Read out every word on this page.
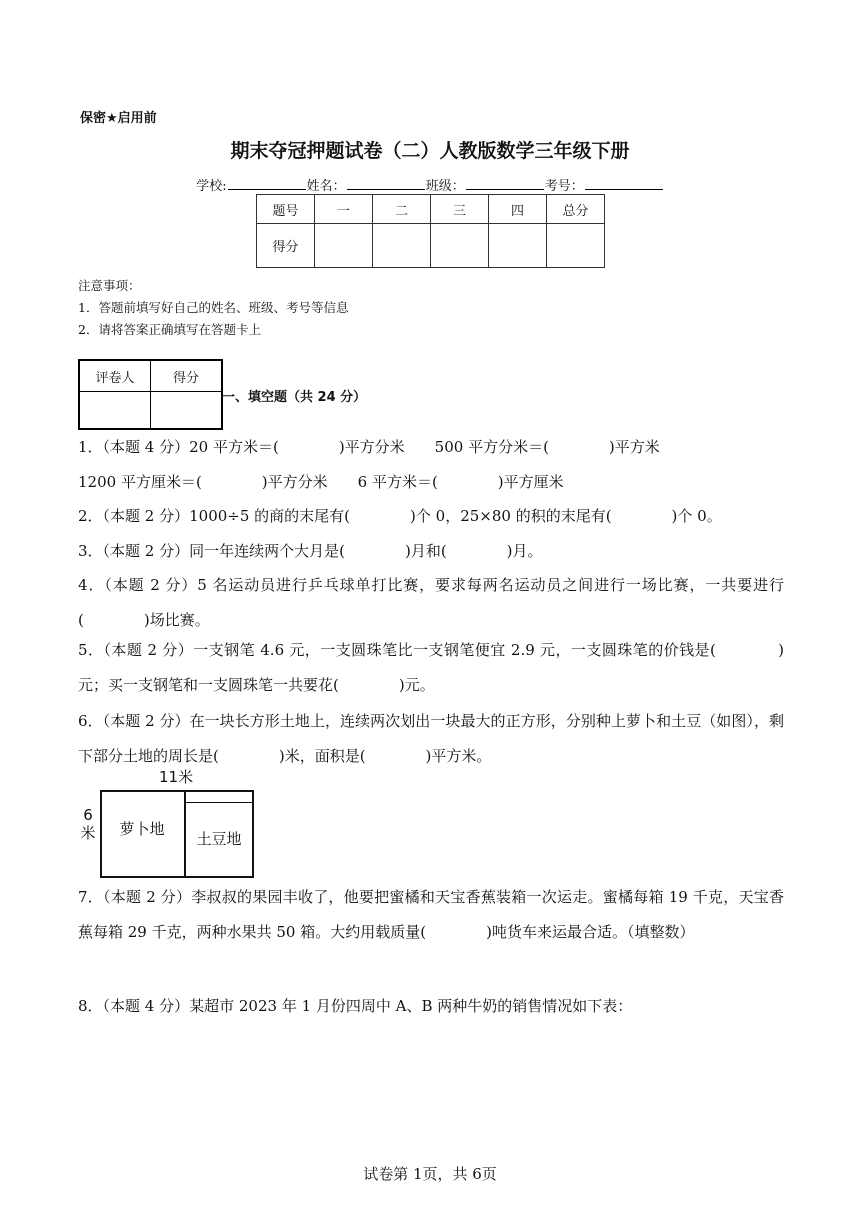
保密★启用前
期末夺冠押题试卷（二）人教版数学三年级下册
学校:	姓名：	班级：	考号：
题号	一	二	三	四	总分
得分					
注意事项：
1．答题前填写好自己的姓名、班级、考号等信息
2．请将答案正确填写在答题卡上
评卷人	得分

一、填空题（共 24 分）
1．（本题 4 分）20 平方米＝(　　　　)平方分米　　500 平方分米＝(　　　　)平方米
1200 平方厘米＝(　　　　)平方分米　　6 平方米＝(　　　　)平方厘米
2．（本题 2 分）1000÷5 的商的末尾有(　　　　)个 0，25×80 的积的末尾有(　　　　)个 0。
3．（本题 2 分）同一年连续两个大月是(　　　　)月和(　　　　)月。
4．（本题 2 分）5 名运动员进行乒乓球单打比赛，要求每两名运动员之间进行一场比赛，一共要进行(　　　　)场比赛。
5．（本题 2 分）一支钢笔 4.6 元，一支圆珠笔比一支钢笔便宜 2.9 元，一支圆珠笔的价钱是(　　　　)元；买一支钢笔和一支圆珠笔一共要花(　　　　)元。
6．（本题 2 分）在一块长方形土地上，连续两次划出一块最大的正方形，分别种上萝卜和土豆（如图），剩下部分土地的周长是(　　　　)米，面积是(　　　　)平方米。
11米
6
米	萝卜地
土豆地
7．（本题 2 分）李叔叔的果园丰收了，他要把蜜橘和天宝香蕉装箱一次运走。蜜橘每箱 19 千克，天宝香蕉每箱 29 千克，两种水果共 50 箱。大约用载质量(　　　　)吨货车来运最合适。（填整数）
8．（本题 4 分）某超市 2023 年 1 月份四周中 A、B 两种牛奶的销售情况如下表：
试卷第 1页，共 6页
